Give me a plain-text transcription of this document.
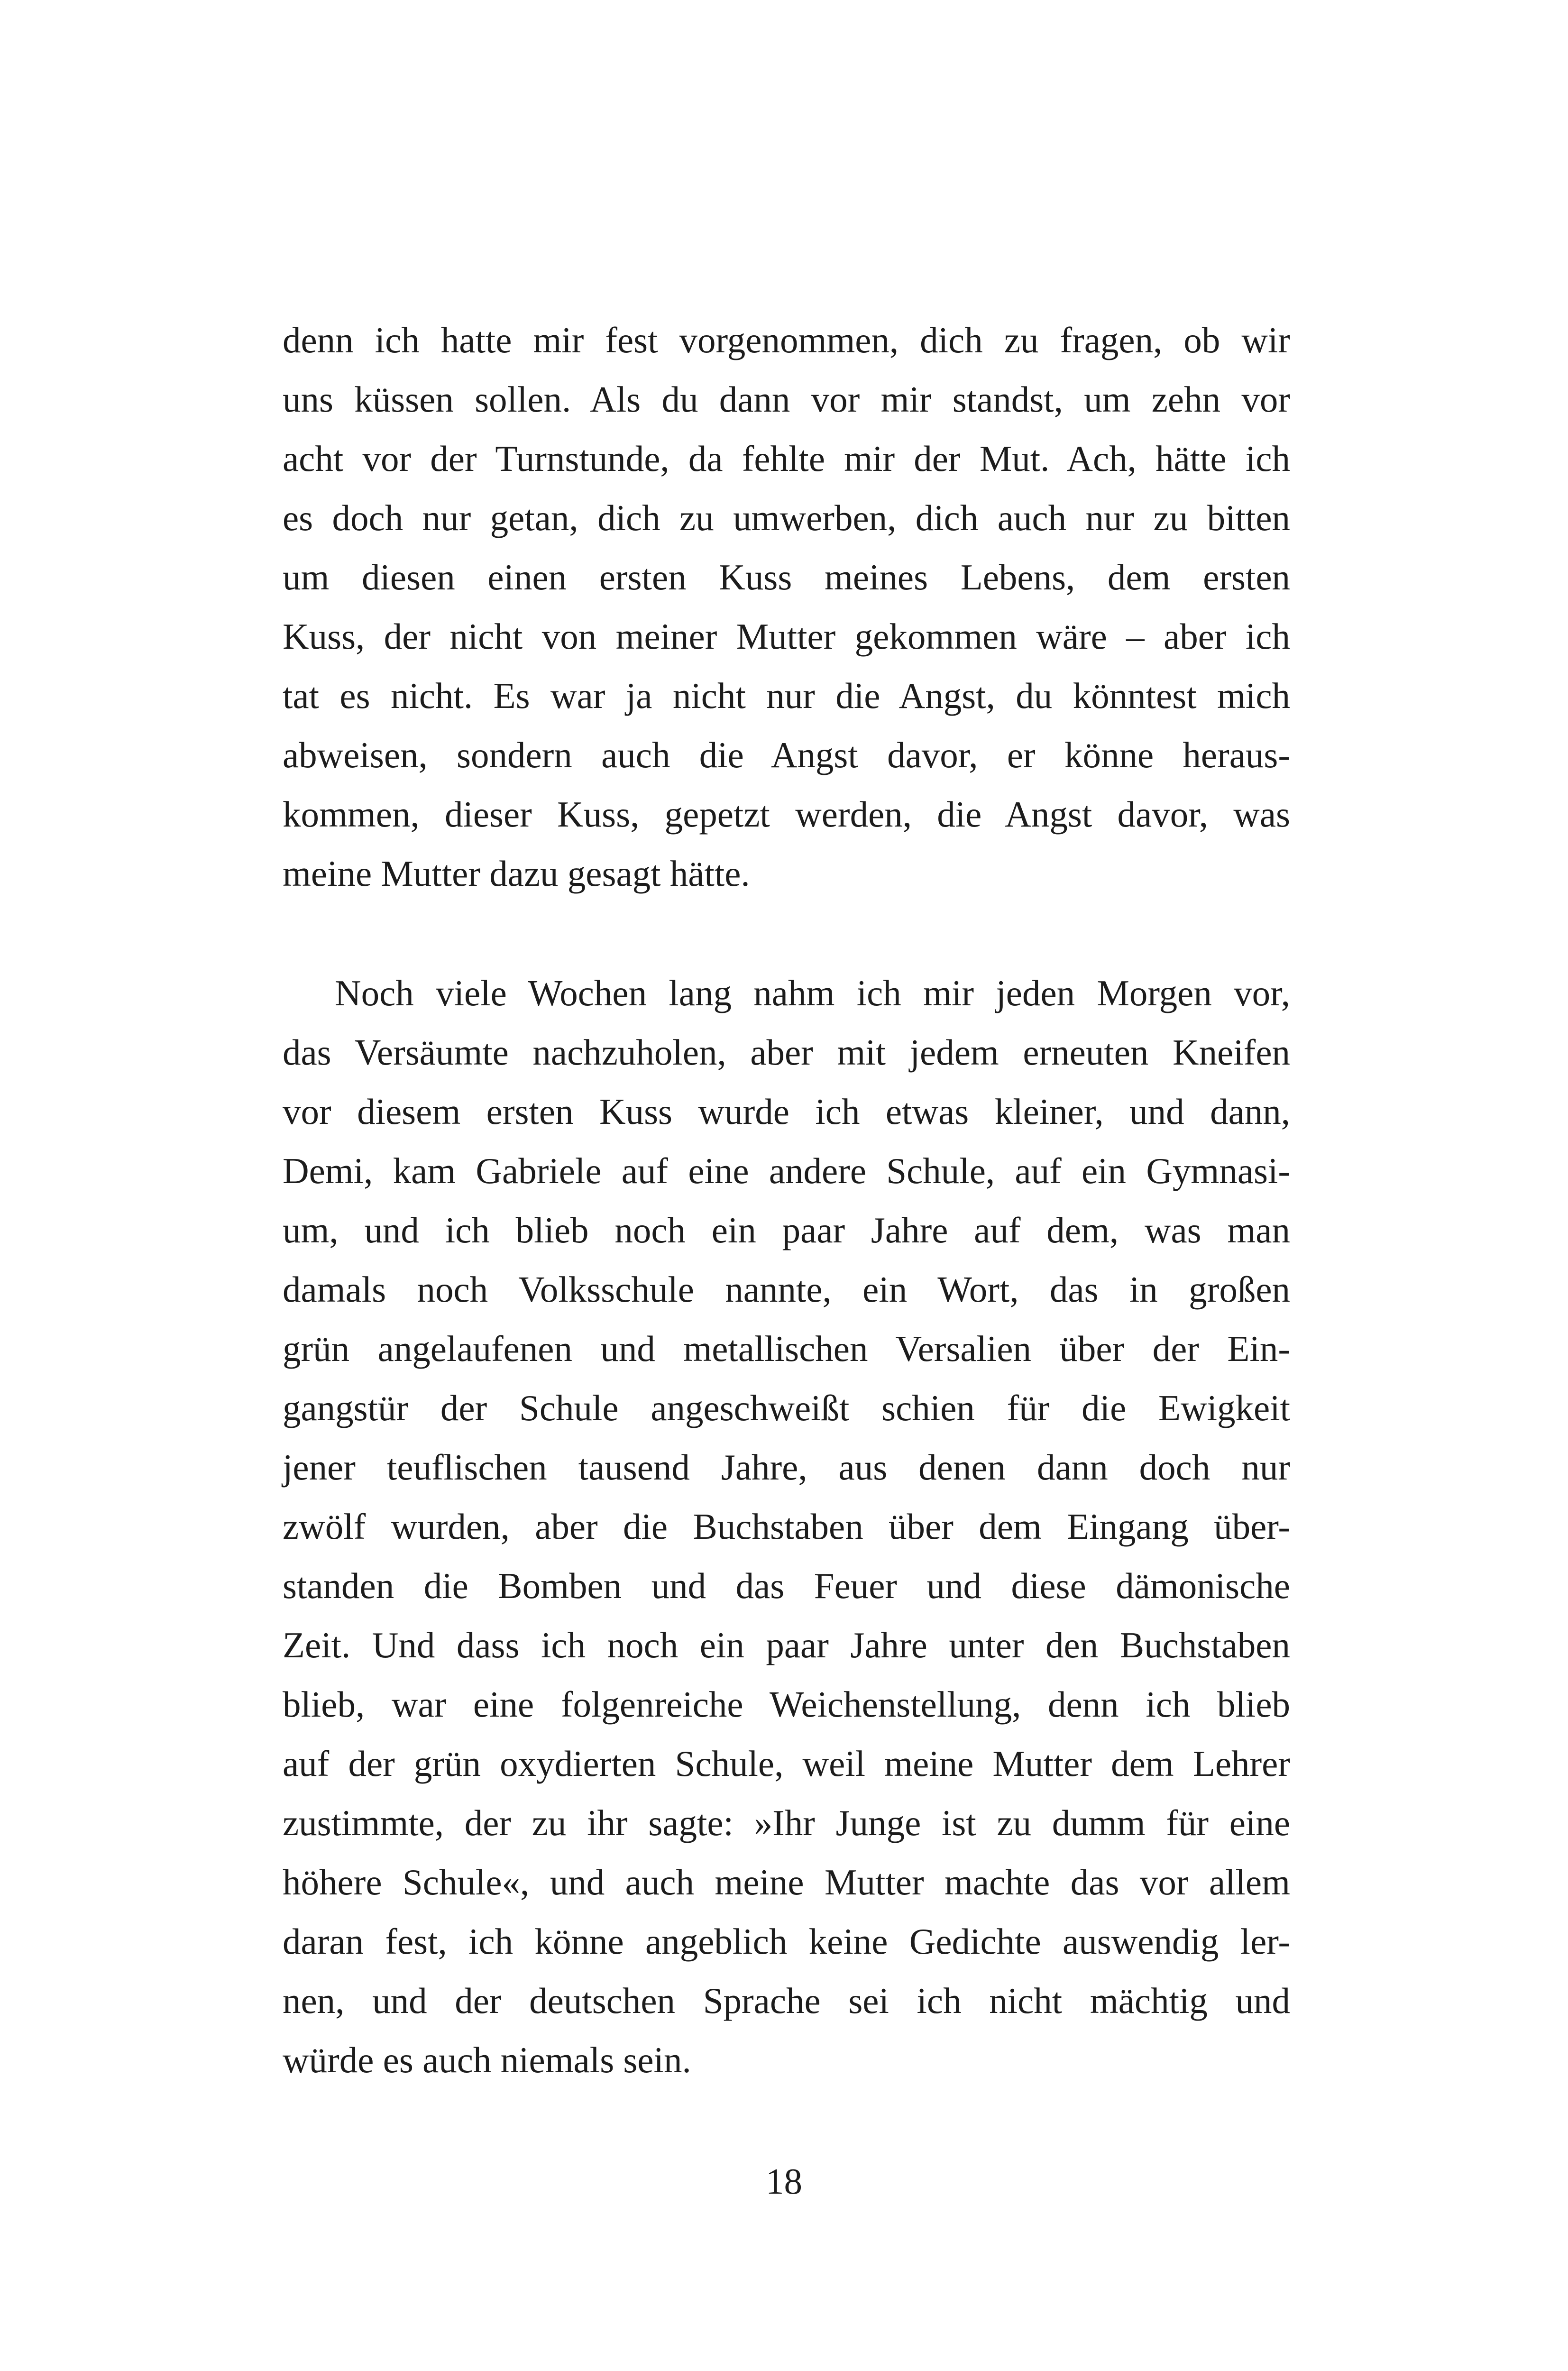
denn ich hatte mir fest vorgenommen, dich zu fragen, ob wir
uns küssen sollen. Als du dann vor mir standst, um zehn vor
acht vor der Turnstunde, da fehlte mir der Mut. Ach, hätte ich
es doch nur getan, dich zu umwerben, dich auch nur zu bitten
um diesen einen ersten Kuss meines Lebens, dem ersten
Kuss, der nicht von meiner Mutter gekommen wäre – aber ich
tat es nicht. Es war ja nicht nur die Angst, du könntest mich
abweisen, sondern auch die Angst davor, er könne heraus-
kommen, dieser Kuss, gepetzt werden, die Angst davor, was
meine Mutter dazu gesagt hätte.
Noch viele Wochen lang nahm ich mir jeden Morgen vor,
das Versäumte nachzuholen, aber mit jedem erneuten Kneifen
vor diesem ersten Kuss wurde ich etwas kleiner, und dann,
Demi, kam Gabriele auf eine andere Schule, auf ein Gymnasi-
um, und ich blieb noch ein paar Jahre auf dem, was man
damals noch Volksschule nannte, ein Wort, das in großen
grün angelaufenen und metallischen Versalien über der Ein-
gangstür der Schule angeschweißt schien für die Ewigkeit
jener teuflischen tausend Jahre, aus denen dann doch nur
zwölf wurden, aber die Buchstaben über dem Eingang über-
standen die Bomben und das Feuer und diese dämonische
Zeit. Und dass ich noch ein paar Jahre unter den Buchstaben
blieb, war eine folgenreiche Weichenstellung, denn ich blieb
auf der grün oxydierten Schule, weil meine Mutter dem Lehrer
zustimmte, der zu ihr sagte: »Ihr Junge ist zu dumm für eine
höhere Schule«, und auch meine Mutter machte das vor allem
daran fest, ich könne angeblich keine Gedichte auswendig ler-
nen, und der deutschen Sprache sei ich nicht mächtig und
würde es auch niemals sein.
18
